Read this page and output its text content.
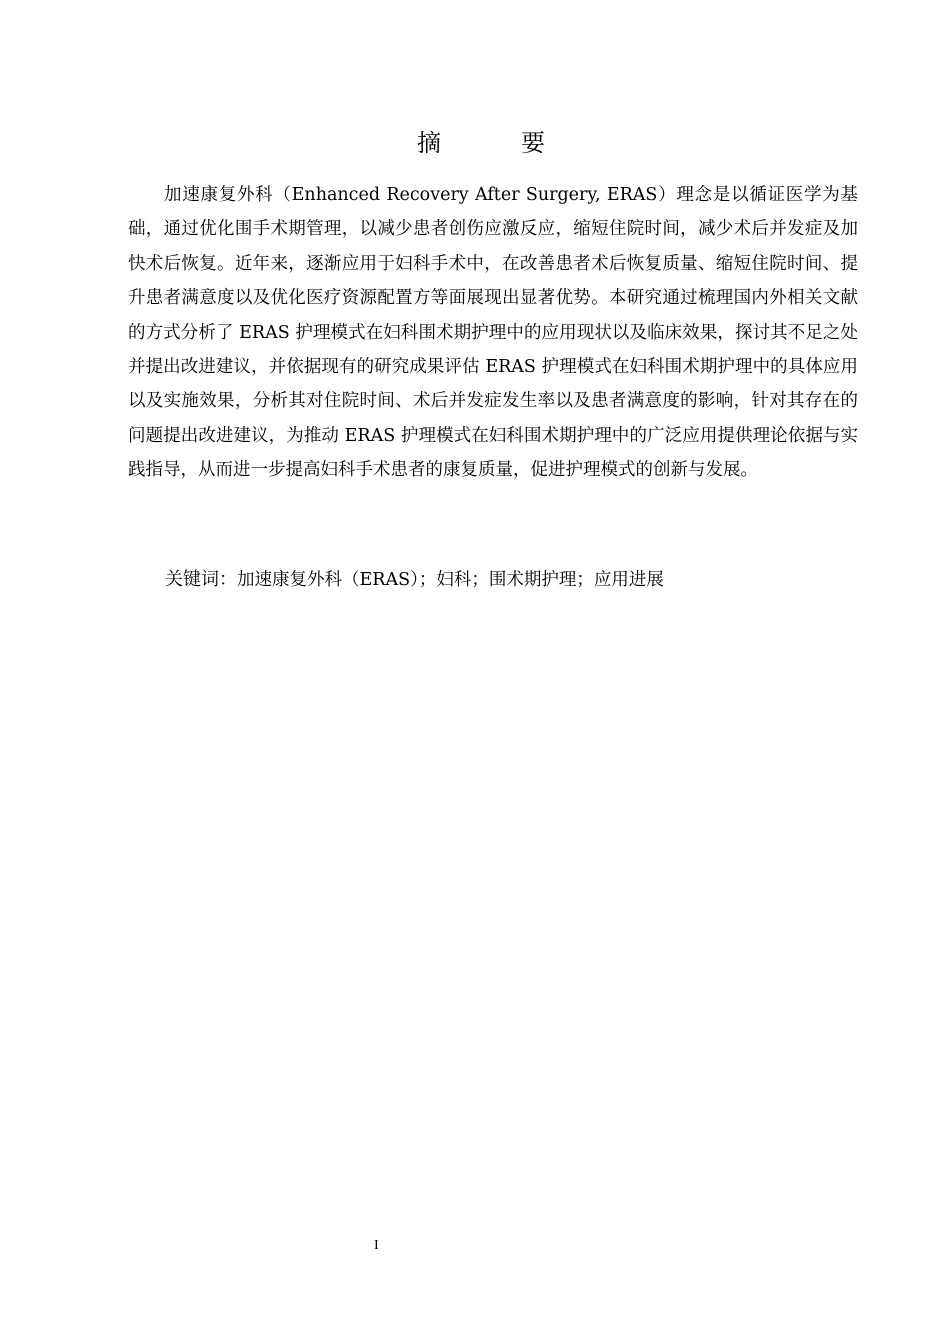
摘　要

加速康复外科（Enhanced Recovery After Surgery, ERAS）理念是以循证医学为基础，通过优化围手术期管理，以减少患者创伤应激反应，缩短住院时间，减少术后并发症及加快术后恢复。近年来，逐渐应用于妇科手术中，在改善患者术后恢复质量、缩短住院时间、提升患者满意度以及优化医疗资源配置方等面展现出显著优势。本研究通过梳理国内外相关文献的方式分析了 ERAS 护理模式在妇科围术期护理中的应用现状以及临床效果，探讨其不足之处并提出改进建议，并依据现有的研究成果评估 ERAS 护理模式在妇科围术期护理中的具体应用以及实施效果，分析其对住院时间、术后并发症发生率以及患者满意度的影响，针对其存在的问题提出改进建议，为推动 ERAS 护理模式在妇科围术期护理中的广泛应用提供理论依据与实践指导，从而进一步提高妇科手术患者的康复质量，促进护理模式的创新与发展。

关键词：加速康复外科（ERAS）；妇科；围术期护理；应用进展
I
